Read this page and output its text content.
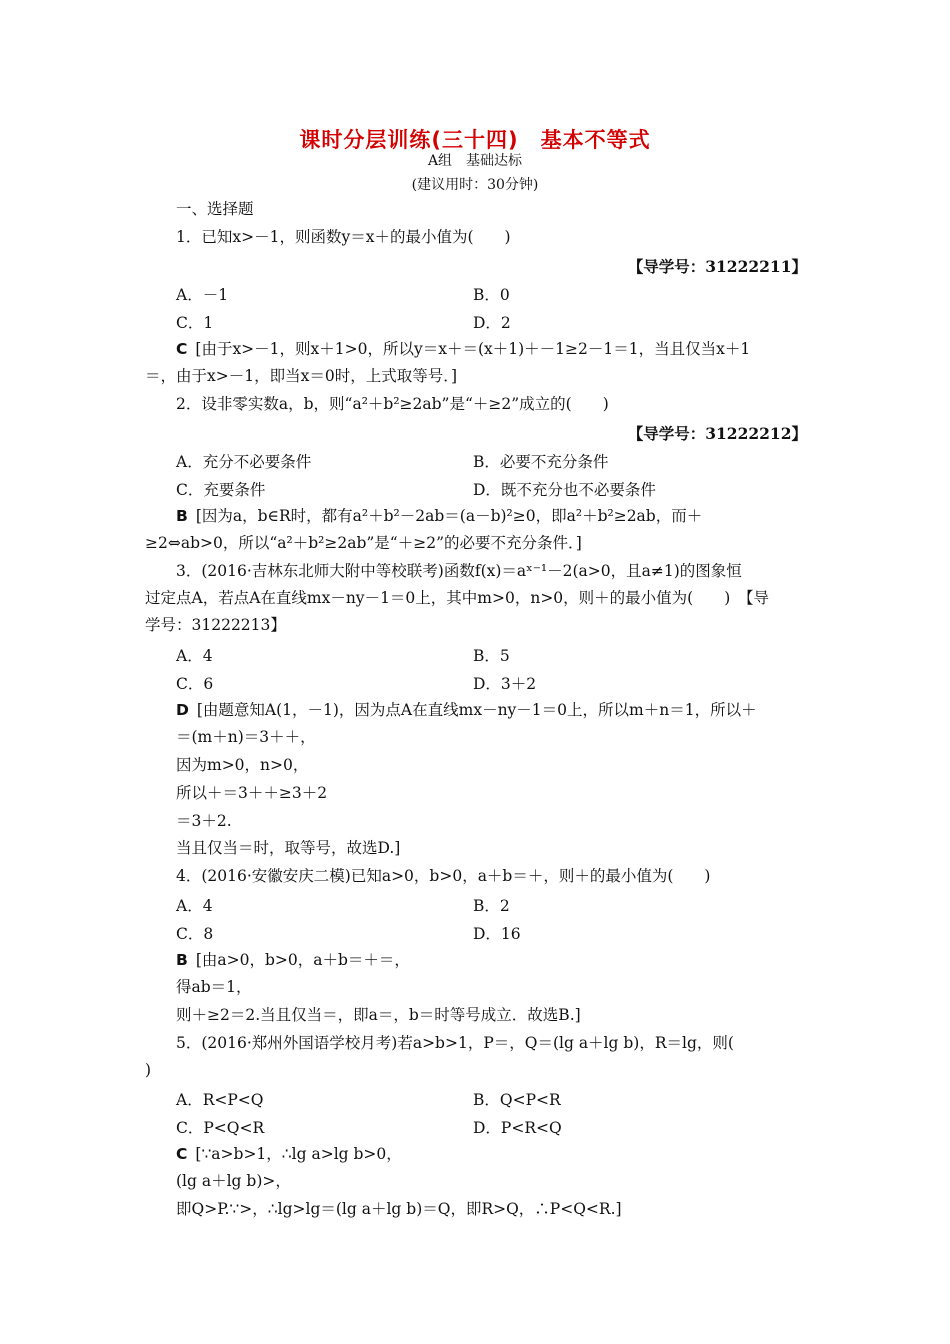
课时分层训练(三十四)　基本不等式
A组　基础达标
(建议用时：30分钟)
一、选择题
1．已知x>－1，则函数y＝x＋的最小值为(　　)
【导学号：31222211】
A．－1	B．0
C．1	D．2
C [由于x>－1，则x＋1>0，所以y＝x＋＝(x＋1)＋－1≥2－1＝1，当且仅当x＋1
＝，由于x>－1，即当x＝0时，上式取等号．]
2．设非零实数a，b，则“a²＋b²≥2ab”是“＋≥2”成立的(　　)
【导学号：31222212】
A．充分不必要条件	B．必要不充分条件
C．充要条件	D．既不充分也不必要条件
B [因为a，b∈R时，都有a²＋b²－2ab＝(a－b)²≥0，即a²＋b²≥2ab，而＋
≥2⇔ab>0，所以“a²＋b²≥2ab”是“＋≥2”的必要不充分条件．]
3．(2016·吉林东北师大附中等校联考)函数f(x)＝aˣ⁻¹－2(a>0，且a≠1)的图象恒
过定点A，若点A在直线mx－ny－1＝0上，其中m>0，n>0，则＋的最小值为(　　)　【导
学号：31222213】
A．4	B．5
C．6	D．3＋2
D [由题意知A(1，－1)，因为点A在直线mx－ny－1＝0上，所以m＋n＝1，所以＋
＝(m＋n)＝3＋＋，
因为m>0，n>0，
所以＋＝3＋＋≥3＋2
＝3＋2.
当且仅当＝时，取等号，故选D.]
4．(2016·安徽安庆二模)已知a>0，b>0，a＋b＝＋，则＋的最小值为(　　)
A．4	B．2
C．8	D．16
B [由a>0，b>0，a＋b＝＋＝，
得ab＝1，
则＋≥2＝2.当且仅当＝，即a＝，b＝时等号成立．故选B.]
5．(2016·郑州外国语学校月考)若a>b>1，P＝，Q＝(lg a＋lg b)，R＝lg，则(
)
A．R<P<Q	B．Q<P<R
C．P<Q<R	D．P<R<Q
C [∵a>b>1，∴lg a>lg b>0，
(lg a＋lg b)>，
即Q>P.∵>，∴lg>lg＝(lg a＋lg b)＝Q，即R>Q，∴P<Q<R.]
